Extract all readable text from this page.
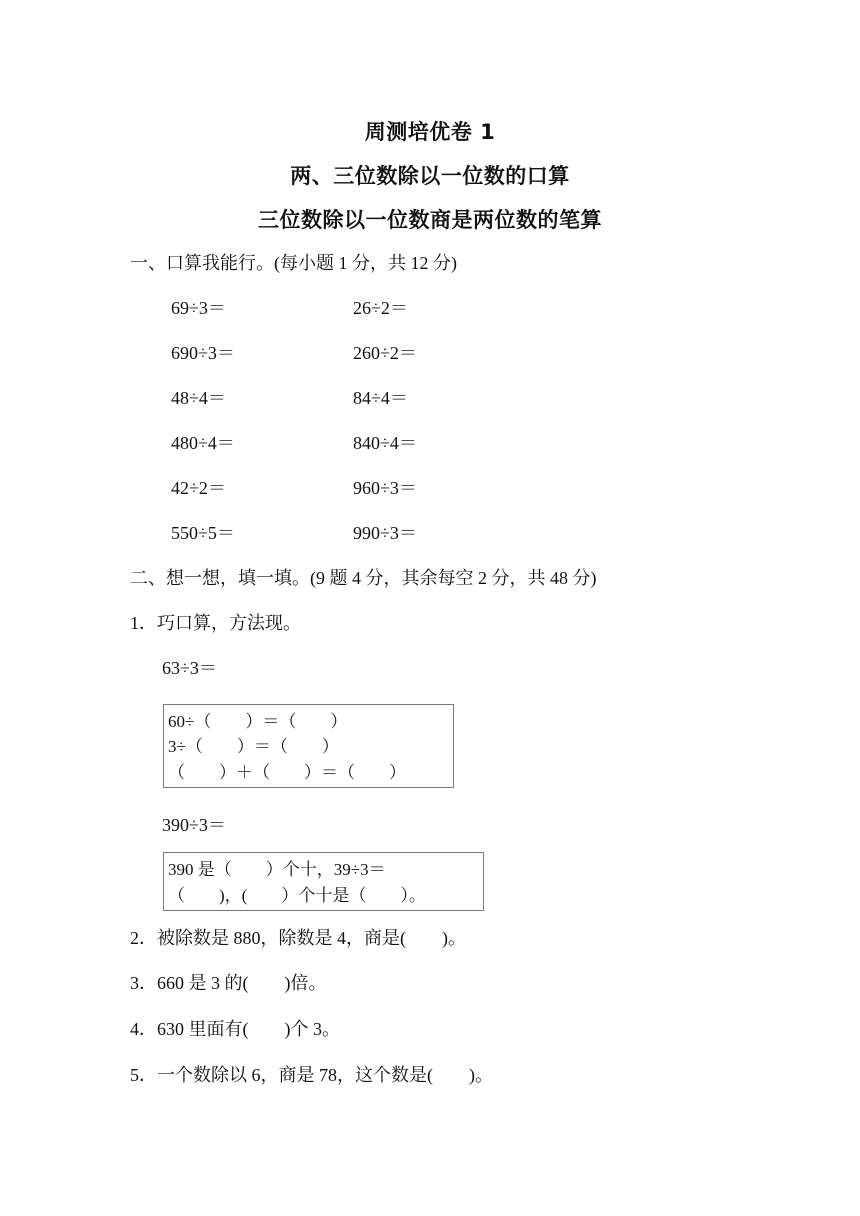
周测培优卷 1
两、三位数除以一位数的口算
三位数除以一位数商是两位数的笔算
一、口算我能行。(每小题 1 分，共 12 分)
69÷3＝	26÷2＝
690÷3＝	260÷2＝
48÷4＝	84÷4＝
480÷4＝	840÷4＝
42÷2＝	960÷3＝
550÷5＝	990÷3＝
二、想一想，填一填。(9 题 4 分，其余每空 2 分，共 48 分)
1．巧口算，方法现。
63÷3＝
60÷（　　）＝（　　）
3÷（　　）＝（　　）
（　　）＋（　　）＝（　　）
390÷3＝
390 是（　　）个十，39÷3＝
（　　)，(　　）个十是（　　）。
2．被除数是 880，除数是 4，商是(　　)。
3．660 是 3 的(　　)倍。
4．630 里面有(　　)个 3。
5．一个数除以 6，商是 78，这个数是(　　)。
